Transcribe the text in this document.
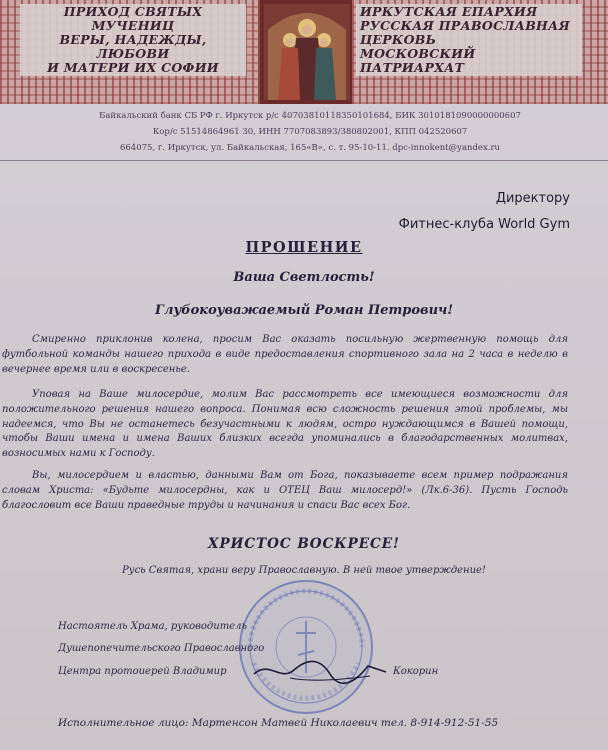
ПРИХОД СВЯТЫХ МУЧЕНИЦ
ВЕРЫ, НАДЕЖДЫ, ЛЮБОВИ
И МАТЕРИ ИХ СОФИИ
ИРКУТСКАЯ ЕПАРХИЯ
РУССКАЯ ПРАВОСЛАВНАЯ ЦЕРКОВЬ
МОСКОВСКИЙ ПАТРИАРХАТ
Байкальский банк СБ РФ г. Иркутск р/с 40703810118350101684, БИК 3010181090000000607
Кор/с 51514864961 30, ИНН 7707083893/380802001, КПП 042520607
664075, г. Иркутск, ул. Байкальская, 165«В», с. т. 95-10-11. dpc-innokent@yandex.ru
Директору
Фитнес-клуба World Gym
ПРОШЕНИЕ
Ваша Светлость!
Глубокоуважаемый Роман Петрович!
Смиренно приклонив колена, просим Вас оказать посильную жертвенную помощь для футбольной команды нашего прихода в виде предоставления спортивного зала на 2 часа в неделю в вечернее время или в воскресенье.
Уповая на Ваше милосердие, молим Вас рассмотреть все имеющиеся возможности для положительного решения нашего вопроса. Понимая всю сложность решения этой проблемы, мы надеемся, что Вы не останетесь безучастными к людям, остро нуждающимся в Вашей помощи, чтобы Ваши имена и имена Ваших близких всегда упоминались в благодарственных молитвах, возносимых нами к Господу.
Вы, милосердием и властью, данными Вам от Бога, показываете всем пример подражания словам Христа: «Будьте милосердны, как и ОТЕЦ Ваш милосерд!» (Лк.6-36). Пусть Господь благословит все Ваши праведные труды и начинания и спаси Вас всех Бог.
ХРИСТОС ВОСКРЕСЕ!
Русь Святая, храни веру Православную. В ней твое утверждение!
Настоятель Храма, руководитель
Душепопечительского Православного
Центра протоиерей Владимир	Кокорин
Исполнительное лицо: Мартенсон Матвей Николаевич тел. 8-914-912-51-55
